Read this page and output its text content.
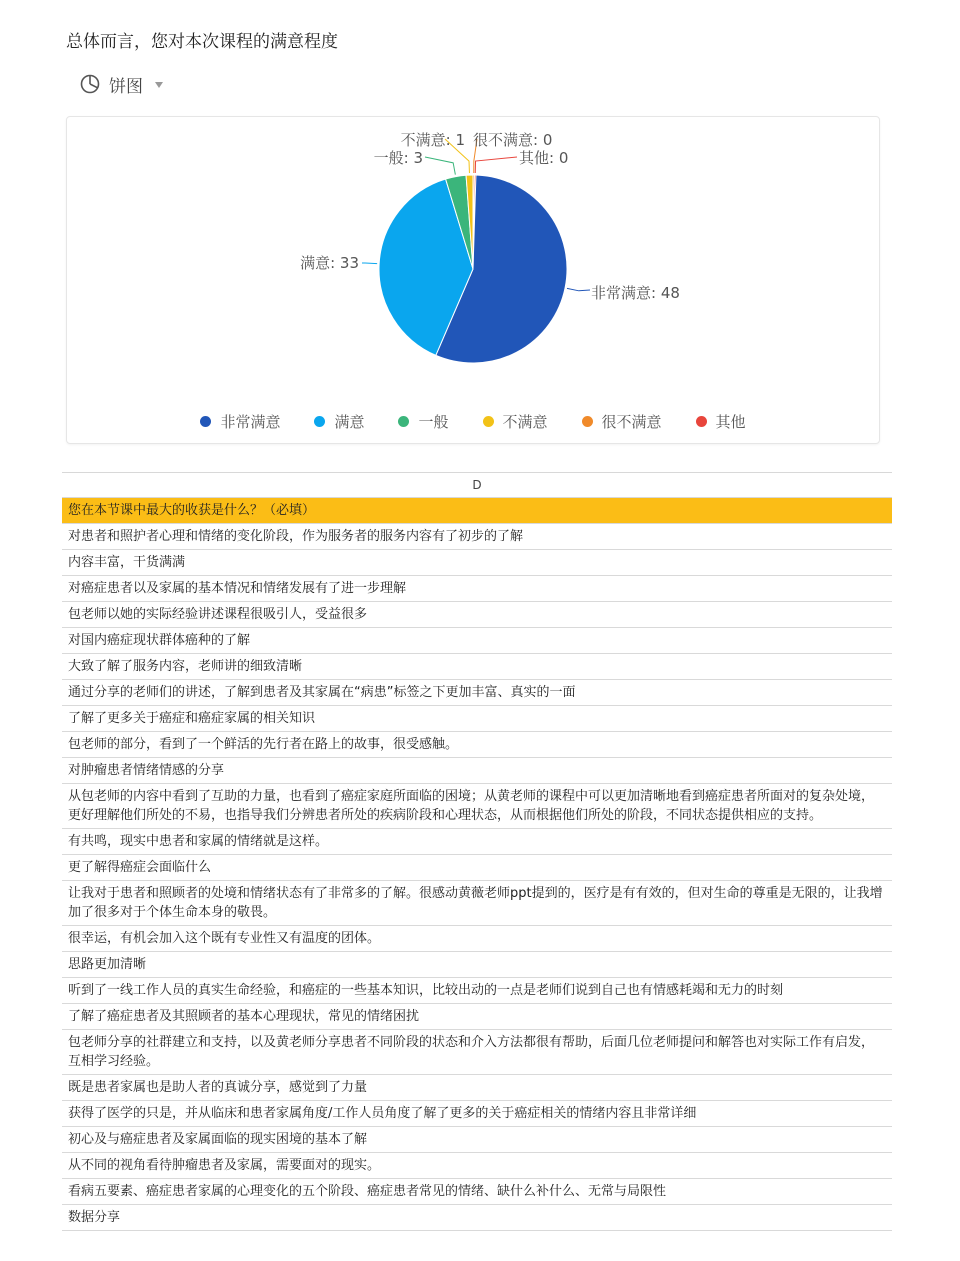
总体而言，您对本次课程的满意程度
饼图
非常满意: 48
满意: 33
一般: 3
不满意: 1 很不满意: 0
其他: 0
非常满意	满意	一般	不满意	很不满意	其他
D
您在本节课中最大的收获是什么？（必填）
对患者和照护者心理和情绪的变化阶段，作为服务者的服务内容有了初步的了解
内容丰富，干货满满
对癌症患者以及家属的基本情况和情绪发展有了进一步理解
包老师以她的实际经验讲述课程很吸引人，受益很多
对国内癌症现状群体癌种的了解
大致了解了服务内容，老师讲的细致清晰
通过分享的老师们的讲述，了解到患者及其家属在“病患”标签之下更加丰富、真实的一面
了解了更多关于癌症和癌症家属的相关知识
包老师的部分，看到了一个鲜活的先行者在路上的故事，很受感触。
对肿瘤患者情绪情感的分享
从包老师的内容中看到了互助的力量，也看到了癌症家庭所面临的困境；从黄老师的课程中可以更加清晰地看到癌症患者所面对的复杂处境，更好理解他们所处的不易，也指导我们分辨患者所处的疾病阶段和心理状态，从而根据他们所处的阶段，不同状态提供相应的支持。
有共鸣，现实中患者和家属的情绪就是这样。
更了解得癌症会面临什么
让我对于患者和照顾者的处境和情绪状态有了非常多的了解。很感动黄薇老师ppt提到的，医疗是有有效的，但对生命的尊重是无限的，让我增加了很多对于个体生命本身的敬畏。
很幸运，有机会加入这个既有专业性又有温度的团体。
思路更加清晰
听到了一线工作人员的真实生命经验，和癌症的一些基本知识，比较出动的一点是老师们说到自己也有情感耗竭和无力的时刻
了解了癌症患者及其照顾者的基本心理现状，常见的情绪困扰
包老师分享的社群建立和支持，以及黄老师分享患者不同阶段的状态和介入方法都很有帮助，后面几位老师提问和解答也对实际工作有启发，互相学习经验。
既是患者家属也是助人者的真诚分享，感觉到了力量
获得了医学的只是，并从临床和患者家属角度/工作人员角度了解了更多的关于癌症相关的情绪内容且非常详细
初心及与癌症患者及家属面临的现实困境的基本了解
从不同的视角看待肿瘤患者及家属，需要面对的现实。
看病五要素、癌症患者家属的心理变化的五个阶段、癌症患者常见的情绪、缺什么补什么、无常与局限性
数据分享
